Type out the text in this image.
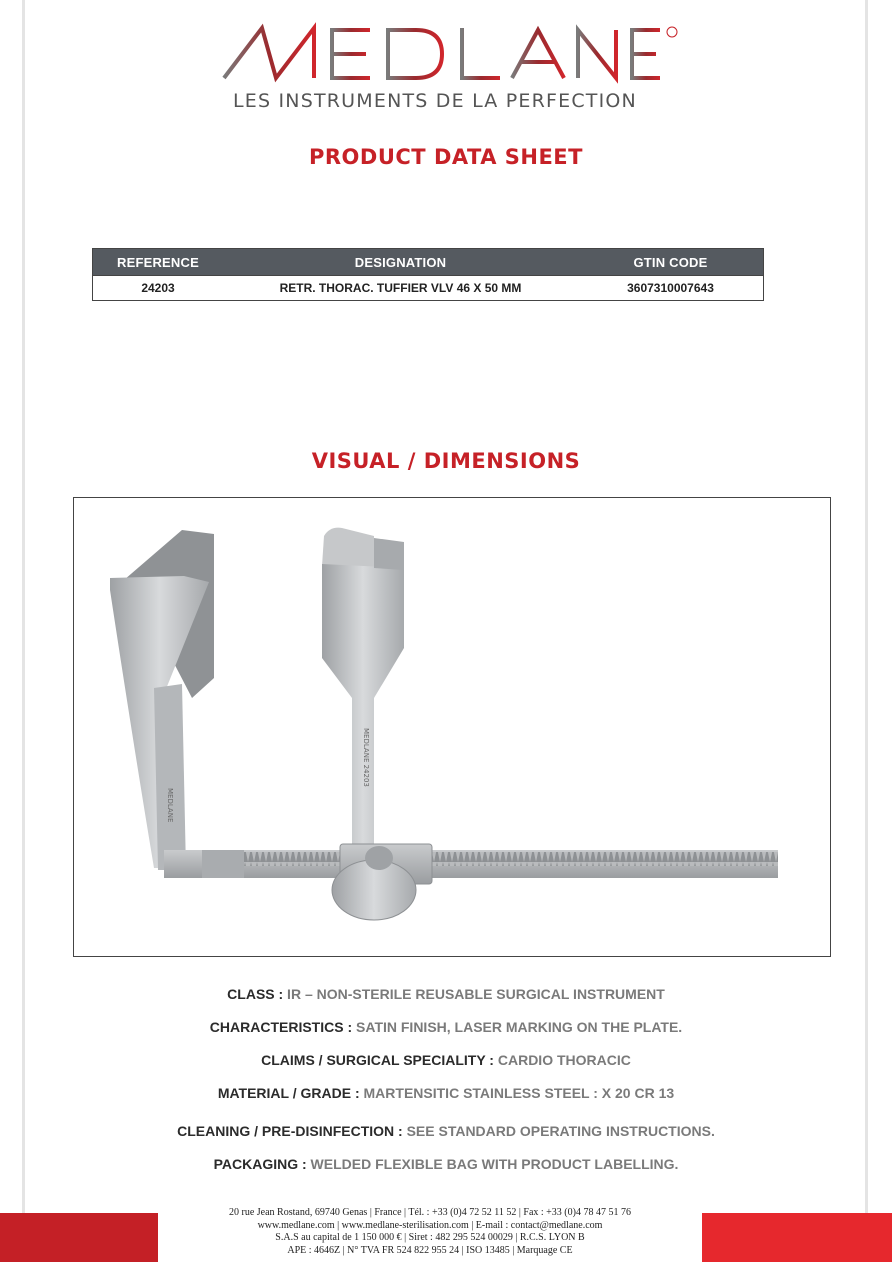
LES INSTRUMENTS DE LA PERFECTION
PRODUCT DATA SHEET
REFERENCE	DESIGNATION	GTIN CODE
24203	RETR. THORAC. TUFFIER VLV 46 X 50 MM	3607310007643
VISUAL / DIMENSIONS
MEDLANE
MEDLANE 24203
CLASS : IR – NON-STERILE REUSABLE SURGICAL INSTRUMENT
CHARACTERISTICS : SATIN FINISH, LASER MARKING ON THE PLATE.
CLAIMS / SURGICAL SPECIALITY : CARDIO THORACIC
MATERIAL / GRADE : MARTENSITIC STAINLESS STEEL : X 20 CR 13
CLEANING / PRE-DISINFECTION : SEE STANDARD OPERATING INSTRUCTIONS.
PACKAGING : WELDED FLEXIBLE BAG WITH PRODUCT LABELLING.
20 rue Jean Rostand, 69740 Genas | France | Tél. : +33 (0)4 72 52 11 52 | Fax : +33 (0)4 78 47 51 76
www.medlane.com | www.medlane-sterilisation.com | E-mail : contact@medlane.com
S.A.S au capital de 1 150 000 € | Siret : 482 295 524 00029 | R.C.S. LYON B
APE : 4646Z | N° TVA FR 524 822 955 24 | ISO 13485 | Marquage CE
